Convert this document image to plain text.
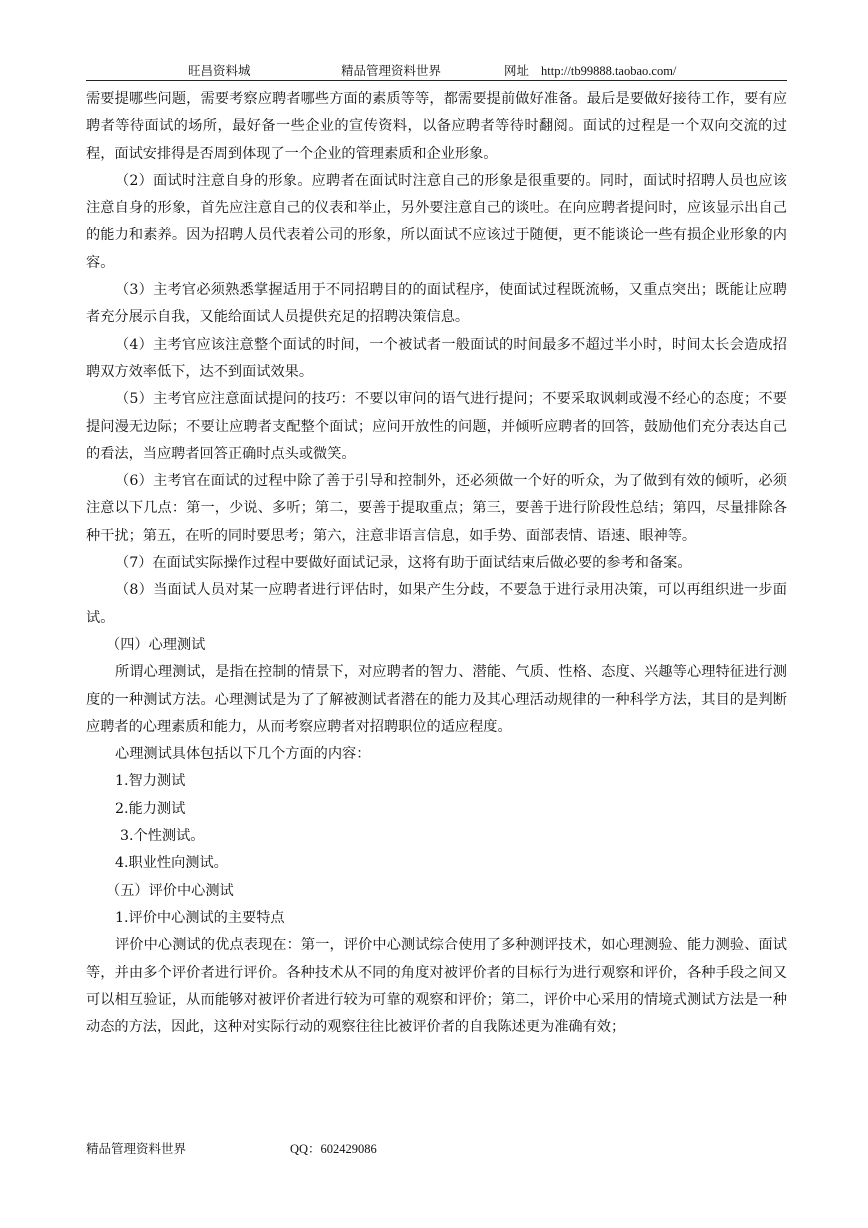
旺昌资料城	精品管理资料世界	网址 http://tb99888.taobao.com/

需要提哪些问题，需要考察应聘者哪些方面的素质等等，都需要提前做好准备。最后是要做好接待工作，要有应聘者等待面试的场所，最好备一些企业的宣传资料，以备应聘者等待时翻阅。面试的过程是一个双向交流的过程，面试安排得是否周到体现了一个企业的管理素质和企业形象。

（2）面试时注意自身的形象。应聘者在面试时注意自己的形象是很重要的。同时，面试时招聘人员也应该注意自身的形象，首先应注意自己的仪表和举止，另外要注意自己的谈吐。在向应聘者提问时，应该显示出自己的能力和素养。因为招聘人员代表着公司的形象，所以面试不应该过于随便，更不能谈论一些有损企业形象的内容。

（3）主考官必须熟悉掌握适用于不同招聘目的的面试程序，使面试过程既流畅，又重点突出；既能让应聘者充分展示自我，又能给面试人员提供充足的招聘决策信息。

（4）主考官应该注意整个面试的时间，一个被试者一般面试的时间最多不超过半小时，时间太长会造成招聘双方效率低下，达不到面试效果。

（5）主考官应注意面试提问的技巧：不要以审问的语气进行提问；不要采取讽刺或漫不经心的态度；不要提问漫无边际；不要让应聘者支配整个面试；应问开放性的问题，并倾听应聘者的回答，鼓励他们充分表达自己的看法，当应聘者回答正确时点头或微笑。

（6）主考官在面试的过程中除了善于引导和控制外，还必须做一个好的听众，为了做到有效的倾听，必须注意以下几点：第一，少说、多听；第二，要善于提取重点；第三，要善于进行阶段性总结；第四，尽量排除各种干扰；第五，在听的同时要思考；第六，注意非语言信息，如手势、面部表情、语速、眼神等。

（7）在面试实际操作过程中要做好面试记录，这将有助于面试结束后做必要的参考和备案。

（8）当面试人员对某一应聘者进行评估时，如果产生分歧，不要急于进行录用决策，可以再组织进一步面试。

（四）心理测试

所谓心理测试，是指在控制的情景下，对应聘者的智力、潜能、气质、性格、态度、兴趣等心理特征进行测度的一种测试方法。心理测试是为了了解被测试者潜在的能力及其心理活动规律的一种科学方法，其目的是判断应聘者的心理素质和能力，从而考察应聘者对招聘职位的适应程度。

心理测试具体包括以下几个方面的内容：

1.智力测试

2.能力测试

3.个性测试。

4.职业性向测试。

（五）评价中心测试

1.评价中心测试的主要特点

评价中心测试的优点表现在：第一，评价中心测试综合使用了多种测评技术，如心理测验、能力测验、面试等，并由多个评价者进行评价。各种技术从不同的角度对被评价者的目标行为进行观察和评价，各种手段之间又可以相互验证，从而能够对被评价者进行较为可靠的观察和评价；第二，评价中心采用的情境式测试方法是一种动态的方法，因此，这种对实际行动的观察往往比被评价者的自我陈述更为准确有效；

精品管理资料世界	QQ：602429086
